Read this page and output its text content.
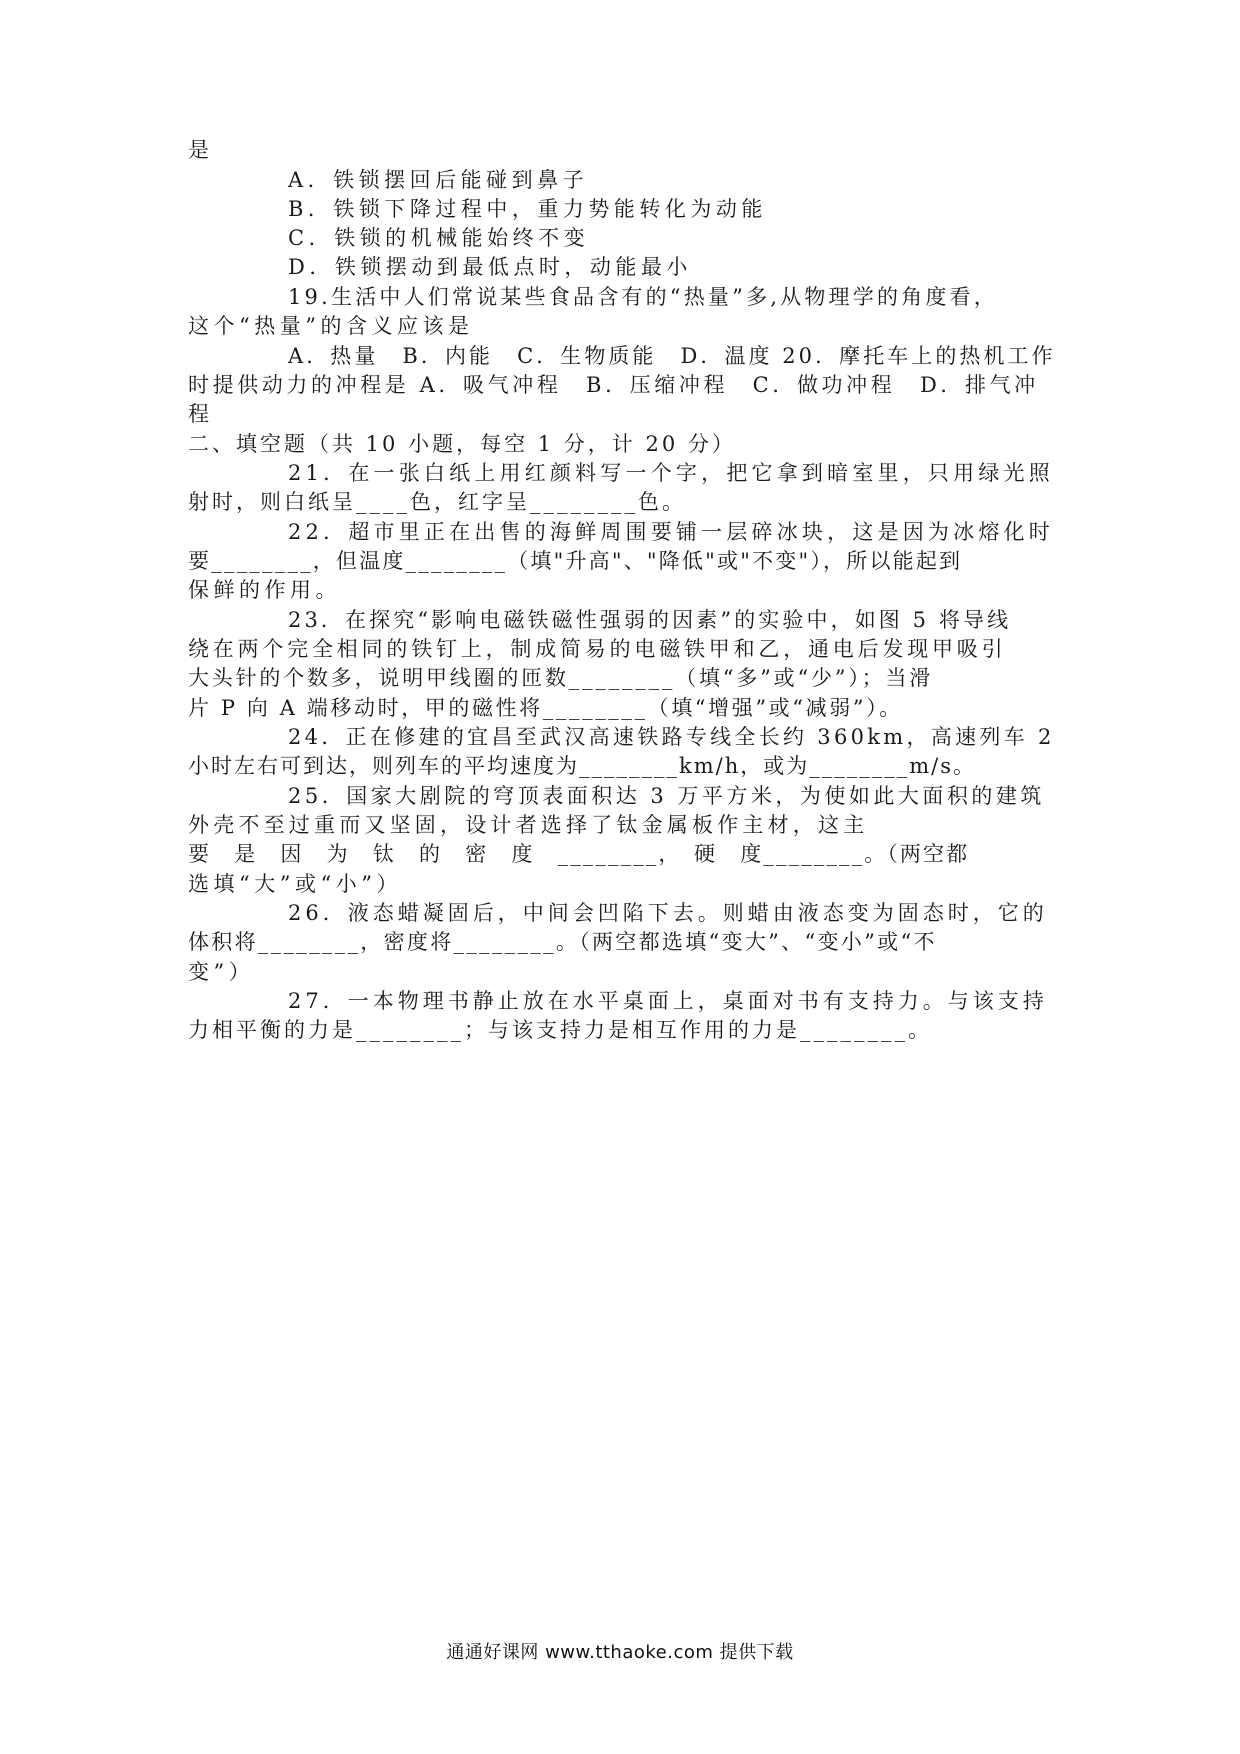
是
A．铁锁摆回后能碰到鼻子
B．铁锁下降过程中，重力势能转化为动能
C．铁锁的机械能始终不变
D．铁锁摆动到最低点时，动能最小
19.生活中人们常说某些食品含有的“热量”多,从物理学的角度看，
这个“热量”的含义应该是
A．热量　B．内能　C．生物质能　D．温度 20．摩托车上的热机工作
时提供动力的冲程是 A．吸气冲程　B．压缩冲程　C．做功冲程　D．排气冲
程
二、填空题（共 10 小题，每空 1 分，计 20 分）
21．在一张白纸上用红颜料写一个字，把它拿到暗室里，只用绿光照
射时，则白纸呈____色，红字呈________色。
22．超市里正在出售的海鲜周围要铺一层碎冰块，这是因为冰熔化时
要________，但温度________（填"升高"、"降低"或"不变"），所以能起到
保鲜的作用。
23．在探究“影响电磁铁磁性强弱的因素”的实验中，如图 5 将导线
绕在两个完全相同的铁钉上，制成简易的电磁铁甲和乙，通电后发现甲吸引
大头针的个数多，说明甲线圈的匝数________（填“多”或“少”）；当滑
片 P 向 A 端移动时，甲的磁性将________（填“增强”或“减弱”）。
24．正在修建的宜昌至武汉高速铁路专线全长约 360km，高速列车 2
小时左右可到达，则列车的平均速度为________km/h，或为________m/s。
25．国家大剧院的穹顶表面积达 3 万平方米，为使如此大面积的建筑
外壳不至过重而又坚固，设计者选择了钛金属板作主材，这主
要　是　因　为　钛　的　密　度　________，　硬　度________。（两空都
选填“大”或“小”）
26．液态蜡凝固后，中间会凹陷下去。则蜡由液态变为固态时，它的
体积将________，密度将________。（两空都选填“变大”、“变小”或“不
变”）
27．一本物理书静止放在水平桌面上，桌面对书有支持力。与该支持
力相平衡的力是________；与该支持力是相互作用的力是________。
通通好课网 www.tthaoke.com 提供下载
